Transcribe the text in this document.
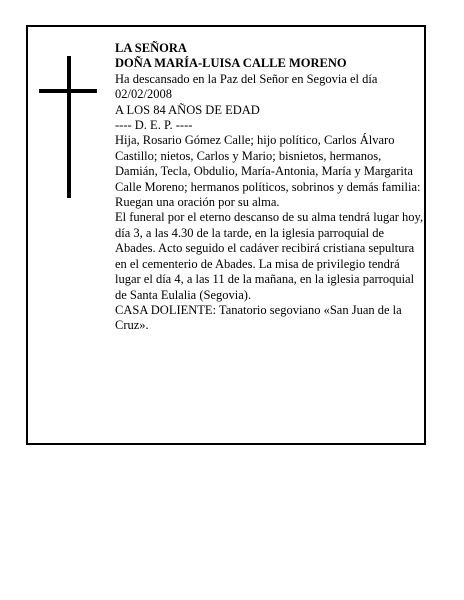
LA SEÑORA

DOÑA MARÍA-LUISA CALLE MORENO

Ha descansado en la Paz del Señor en Segovia el día 02/02/2008

A LOS 84 AÑOS DE EDAD

---- D. E. P. ----

Hija, Rosario Gómez Calle; hijo político, Carlos Álvaro Castillo; nietos, Carlos y Mario; bisnietos, hermanos, Damián, Tecla, Obdulio, María-Antonia, María y Margarita Calle Moreno; hermanos políticos, sobrinos y demás familia:

Ruegan una oración por su alma.

El funeral por el eterno descanso de su alma tendrá lugar hoy, día 3, a las 4.30 de la tarde, en la iglesia parroquial de Abades. Acto seguido el cadáver recibirá cristiana sepultura en el cementerio de Abades. La misa de privilegio tendrá lugar el día 4, a las 11 de la mañana, en la iglesia parroquial de Santa Eulalia (Segovia).

CASA DOLIENTE: Tanatorio segoviano «San Juan de la Cruz».
